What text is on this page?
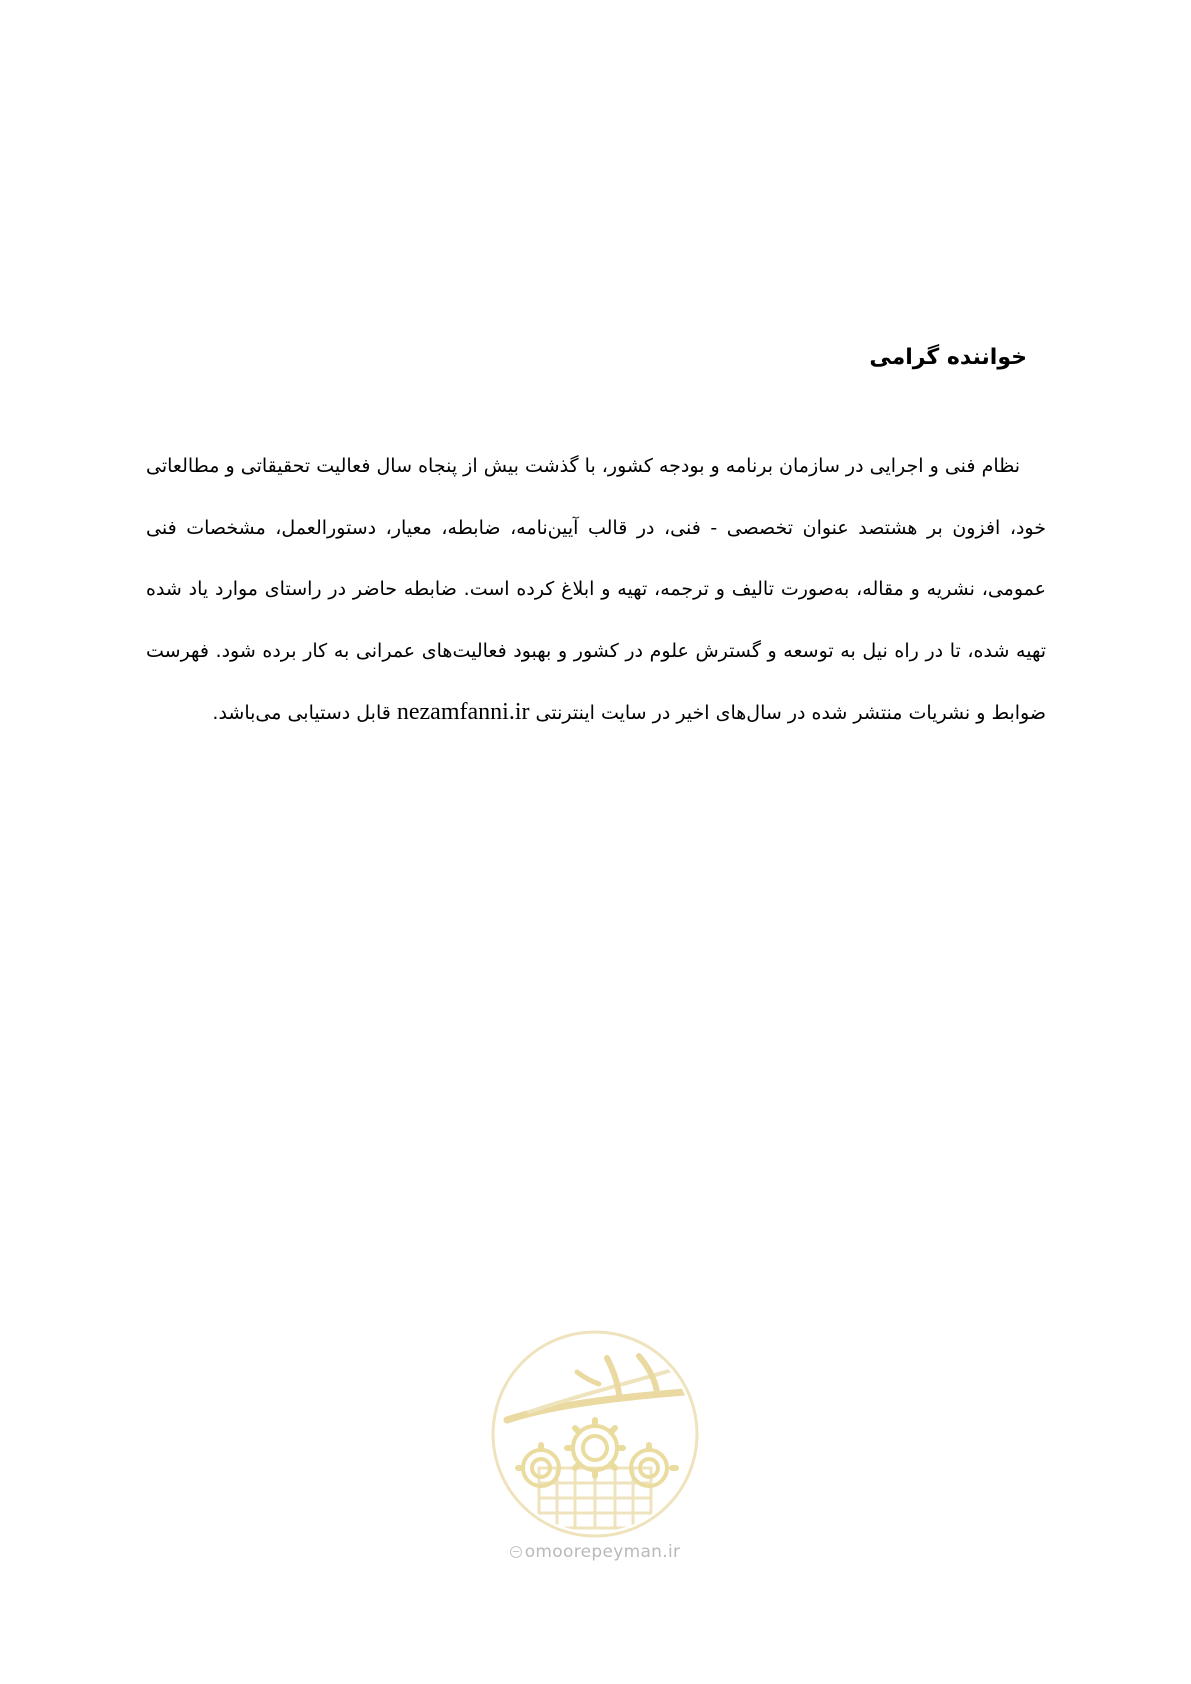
خواننده گرامی

نظام فنی و اجرایی در سازمان برنامه و بودجه کشور، با گذشت بیش از پنجاه سال فعالیت تحقیقاتی و مطالعاتی خود، افزون بر هشتصد عنوان تخصصی - فنی، در قالب آیین‌نامه، ضابطه، معیار، دستورالعمل، مشخصات فنی عمومی، نشریه و مقاله، به‌صورت تالیف و ترجمه، تهیه و ابلاغ کرده است. ضابطه حاضر در راستای موارد یاد شده تهیه شده، تا در راه نیل به توسعه و گسترش علوم در کشور و بهبود فعالیت‌های عمرانی به کار برده شود. فهرست ضوابط و نشریات منتشر شده در سال‌های اخیر در سایت اینترنتی nezamfanni.ir قابل دستیابی می‌باشد.

omoorepeyman.ir
